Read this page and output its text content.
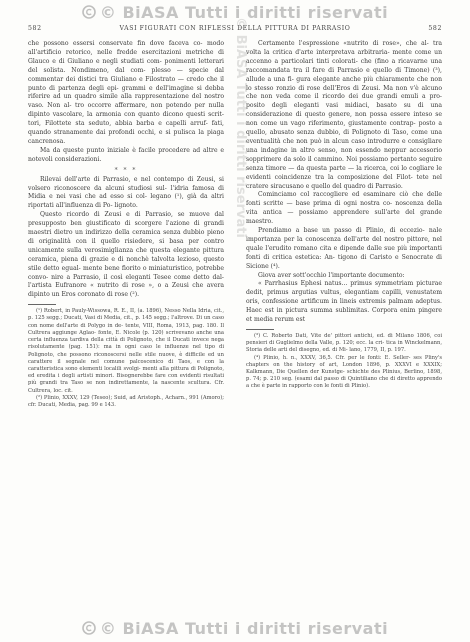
© BiASA Tutti i diritti riservati
582	VASI FIGURATI CON RIFLESSI DELLA PITTURA DI PARRASIO	582

che possono essersi conservate fin dove faceva co- modo all'artificio retorico, nelle fredde esercitazioni metriche di Glauco e di Giuliano e negli studiati com- ponimenti letterari del solista. Nondimeno, dal com- plesso — specie dal commentar dei distici tra Giuliano e Filostrato — credo che il punto di partenza degli epi- grammi e dell'imagine si debba riferire ad un quadro simile alla rappresentazione del nostro vaso. Non al- tro occorre affermare, non potendo per nulla dipinto vascolare, la armonia con quanto dicono questi scrit- tori, Filottete sta seduto, abbia barba e capelli arruf- fati, quando stranamente dai profondi occhi, e si pulisca la piaga cancrenosa.

Ma da queste punto iniziale è facile procedere ad altre e notevoli considerazioni.

* * *

Rilevai dell'arte di Parrasio, e nel contempo di Zeusi, si volsero riconoscere da alcuni studiosi sul- l'idria famosa di Midia e nei vasi che ad esso si col- legano (¹), già da altri riportati all'influenza di Po- lignoto.

Questo ricordo di Zeusi e di Parrasio, se muove dal presupposto ben giustificato di scorgere l'azione di grandi maestri dietro un indirizzo della ceramica senza dubbio pieno di originalità con il quello risiedere, si basa per contro unicamente sulla verosimiglianza che questa elegante pittura ceramica, piena di grazie e di nonchè talvolta lezioso, questo stile detto egual- mente bene fiorito o miniaturistico, potrebbe convo- nire a Parrasio, il così eleganti Tesee come detto dal- l'artista Eufranore « nutrito di rose », o a Zeusi che avera dipinto un Eros coronato di rose (²).

(¹) Robert, in Pauly-Wissowa, R. E., II, (a. 1896), Nesso Nella Idria, cit., p. 125 segg.; Ducati, Vasi di Media, cit., p. 145 segg.; l'altrove. Di un caso con nome dell'arte di Polygo in de- tente, VIII, Roma, 1913, pag. 180. Il Cultrera aggiunge Aglao- fonte, E. Nicole (p. 120) scrivevano anche una certa influenza tardiva della città di Polignoto, che il Ducati invece nega risolutamente (pag. 151): ma in ogni caso le influenze nel tipo di Polignoto, che possono riconoscersi nelle stile nuove, è difficile ed un carattere il segnale nel comune palcoscenico di Taos, e con la caratteristica sono elementi localili svolgi- menti alla pittura di Polignoto, ed eredita i degli artisti minori. Bisognerebbe fare con evidenti risultati più grandi tra Taso se non indirettamente, la nascente scultura. Cfr. Cultrera, loc. cit.

(²) Plinio, XXXV, 129 (Teseo); Suid, ad Aristoph., Acharn., 991 (Amoro); cfr. Ducati, Media, pag. 99 e 143.

Certamente l'espressione «nutrito di rose», che al- tra volta la critica d'arte interpretava arbitraria- mente come un accenno a particolari tinti colorati- che (fino a ricavarne una raccomandata tra il fare di Parrasio e quello di Timone) (³), allude a una fi- gura elegante anche più chiaramente che non lo stesso ronzio di rose dell'Eros di Zeusi. Ma non v'è alcuno che non veda come il ricordo dei due grandi emuli a pro- posito degli eleganti vasi midiaci, basato su di una considerazione di questo genere, non possa essere inteso se non come un vago riferimento, giustamente contrap- posto a quello, abusato senza dubbio, di Polignoto di Taso, come una eventualità che non può in alcun caso introdurre e consigliare una indagine in altro senso, non essendo neppur accessorio sopprimere da solo il cammino. Noi possiamo pertanto seguire senza timore — da questa parte — la ricerca, coi lo cogliare le evidenti coincidenze tra la composizione del Filot- tete nel cratere siracusano e quello del quadro di Parrasio.

Cominciamo col raccogliere ed esaminare ciò che delle fonti scritte — base prima di ogni nostra co- noscenza della vita antica — possiamo apprendere sull'arte del grande maestro.

Prendiamo a base un passo di Plinio, di eccezio- nale importanza per la conoscenza dell'arte del nostro pittore, nel quale l'erudito romano cita e dipende dalle sue più importanti fonti di critica estetica: An- tigono di Caristo e Senocrate di Sicione (⁴).

Giova aver sott'occhio l'importante documento:

« Parrhasius Ephesi natus... primus symmetriam picturae dedit, primus argutias vultus, elegantiam capilli, venustatem oris, confessione artificum in lineis extremis palmam adeptus. Haec est in pictura summa sublimitas. Corpora enim pingere et media rerum est

(³) C. Roberto Dati, Vite de' pittori antichi, ed. di Milano 1806, coi pensieri di Guglielmo della Valle, p. 120; ecc. la cri- tica in Winckelmann, Storia delle arti del disegno, ed. di Mi- lano, 1779, II, p. 197.

(⁴) Plinio, h. n., XXXV, 36,5. Cfr. per le fonti: E. Seller- ses Pliny's chapters on the history of art, London 1896, p. XXXVI e XXXIX; Kalkmann, Die Quellen der Kunstge- schichte des Plinius, Berlino, 1898, p. 74; p. 210 seg. (esami dal passo di Quintiliano che di diretto apprendo a che è parte in rapporto con le fonti di Plinio).

© BiASA Tutti i diritti riservati
© BiASA Tutti i diritti riservati
